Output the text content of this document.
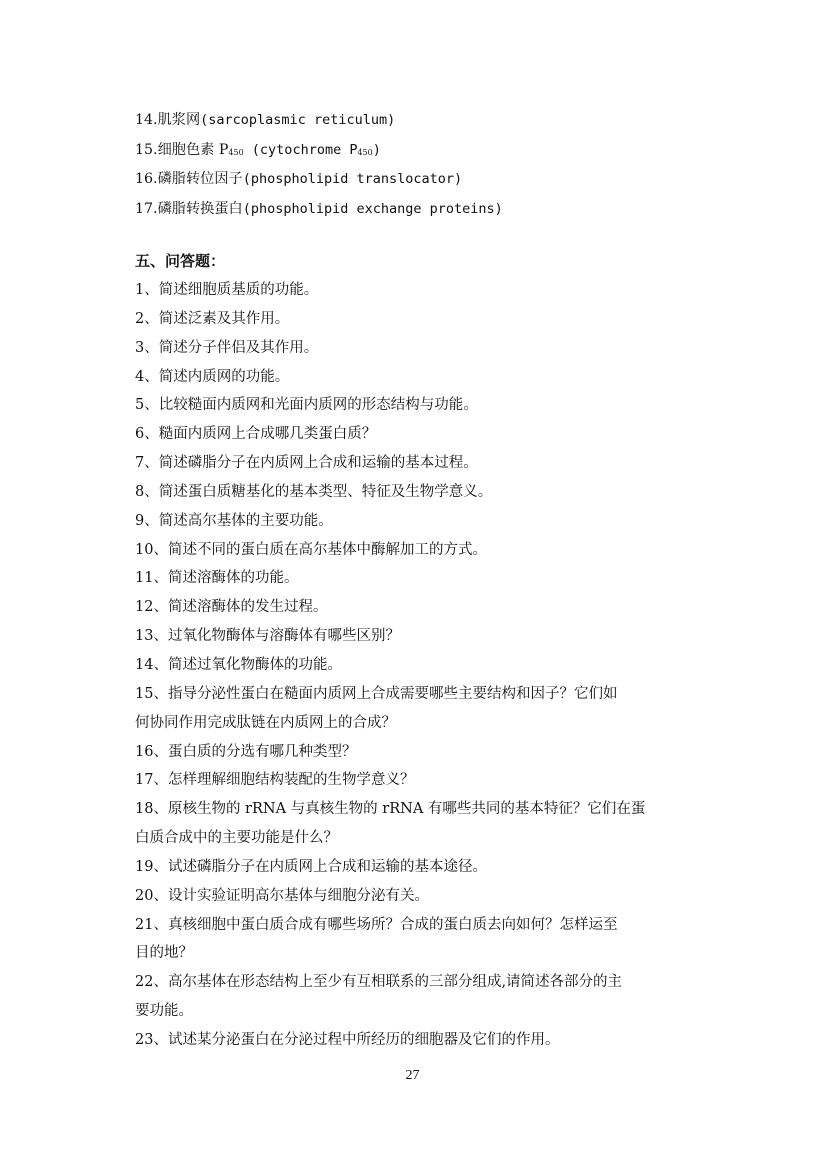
14.肌浆网(sarcoplasmic reticulum)
15.细胞色素 $P_{450}$ (cytochrome $P_{450}$)
16.磷脂转位因子(phospholipid translocator)
17.磷脂转换蛋白(phospholipid exchange proteins)
五、问答题：
1、简述细胞质基质的功能。
2、简述泛素及其作用。
3、简述分子伴侣及其作用。
4、简述内质网的功能。
5、比较糙面内质网和光面内质网的形态结构与功能。
6、糙面内质网上合成哪几类蛋白质？
7、简述磷脂分子在内质网上合成和运输的基本过程。
8、简述蛋白质糖基化的基本类型、特征及生物学意义。
9、简述高尔基体的主要功能。
10、简述不同的蛋白质在高尔基体中酶解加工的方式。
11、简述溶酶体的功能。
12、简述溶酶体的发生过程。
13、过氧化物酶体与溶酶体有哪些区别？
14、简述过氧化物酶体的功能。
15、指导分泌性蛋白在糙面内质网上合成需要哪些主要结构和因子？它们如
何协同作用完成肽链在内质网上的合成？
16、蛋白质的分选有哪几种类型？
17、怎样理解细胞结构装配的生物学意义？
18、原核生物的 rRNA 与真核生物的 rRNA 有哪些共同的基本特征？它们在蛋
白质合成中的主要功能是什么？
19、试述磷脂分子在内质网上合成和运输的基本途径。
20、设计实验证明高尔基体与细胞分泌有关。
21、真核细胞中蛋白质合成有哪些场所？合成的蛋白质去向如何？怎样运至
目的地？
22、高尔基体在形态结构上至少有互相联系的三部分组成,请简述各部分的主
要功能。
23、试述某分泌蛋白在分泌过程中所经历的细胞器及它们的作用。
27
